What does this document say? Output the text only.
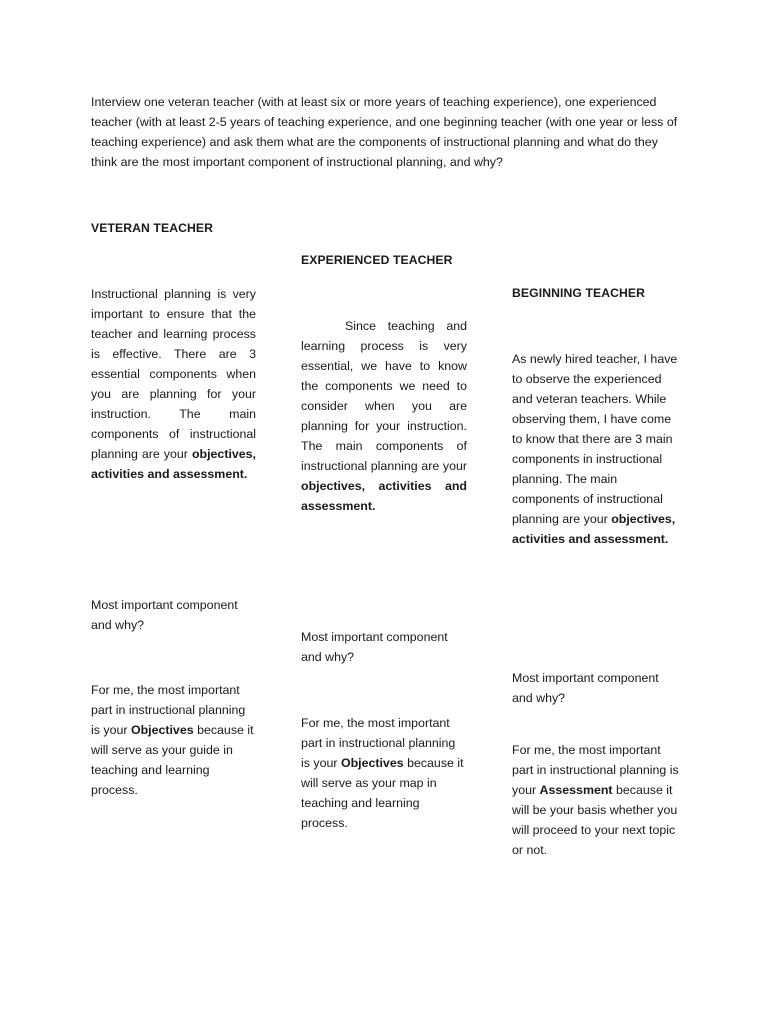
Interview one veteran teacher (with at least six or more years of teaching experience), one experienced teacher (with at least 2-5 years of teaching experience, and one beginning teacher (with one year or less of teaching experience) and ask them what are the components of instructional planning and what do they think are the most important component of instructional planning, and why?

VETERAN TEACHER

Instructional planning is very important to ensure that the teacher and learning process is effective. There are 3 essential components when you are planning for your instruction. The main components of instructional planning are your objectives, activities and assessment.

Most important component and why?

For me, the most important part in instructional planning is your Objectives because it will serve as your guide in teaching and learning process.

EXPERIENCED TEACHER

Since teaching and learning process is very essential, we have to know the components we need to consider when you are planning for your instruction. The main components of instructional planning are your objectives, activities and assessment.

Most important component and why?

For me, the most important part in instructional planning is your Objectives because it will serve as your map in teaching and learning process.

BEGINNING TEACHER

As newly hired teacher, I have to observe the experienced and veteran teachers. While observing them, I have come to know that there are 3 main components in instructional planning. The main components of instructional planning are your objectives, activities and assessment.

Most important component and why?

For me, the most important part in instructional planning is your Assessment because it will be your basis whether you will proceed to your next topic or not.
